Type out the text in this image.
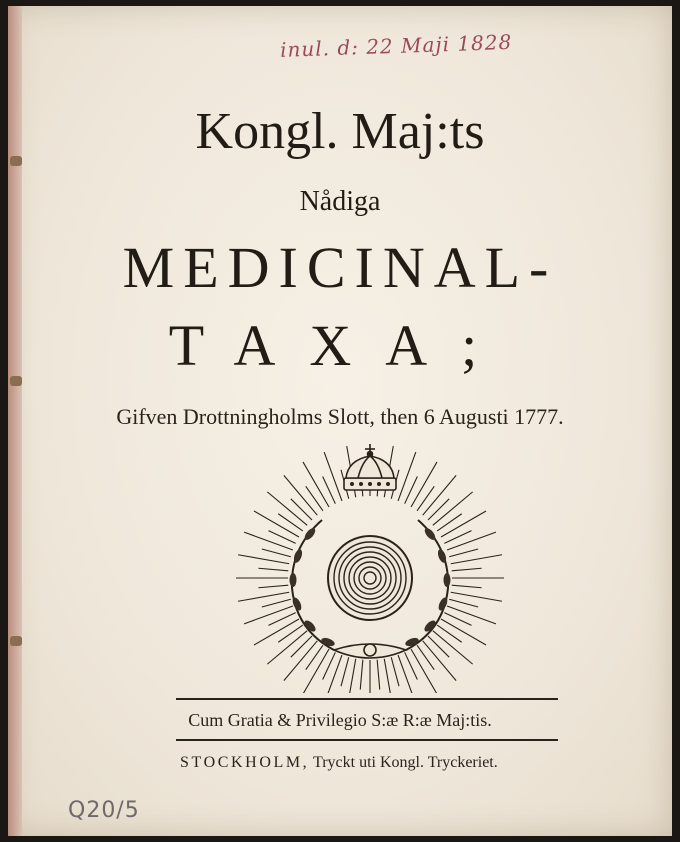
inul. d: 22 Maji 1828
Kongl. Maj:ts
Nådiga
MEDICINAL-
TAXA;
Gifven Drottningholms Slott, then 6 Augusti 1777.
Cum Gratia & Privilegio S:æ R:æ Maj:tis.
STOCKHOLM, Tryckt uti Kongl. Tryckeriet.
Q20/5
